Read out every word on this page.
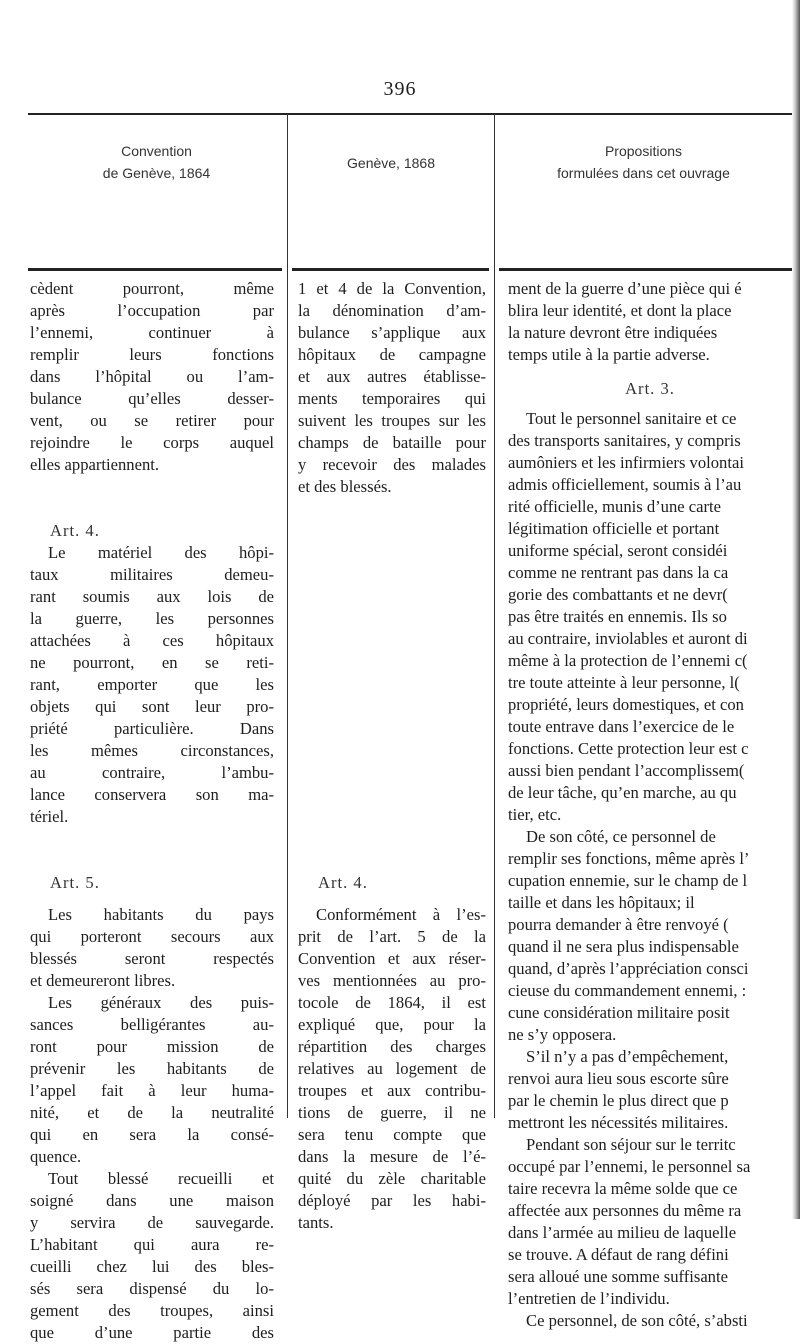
396
Convention
de Genève, 1864
Genève, 1868
Propositions
formulées dans cet ouvrage

cèdent pourront, même
après l’occupation par
l’ennemi, continuer à
remplir leurs fonctions
dans l’hôpital ou l’am-
bulance qu’elles desser-
vent, ou se retirer pour
rejoindre le corps auquel
elles appartiennent.

Art. 4.

Le matériel des hôpi-
taux militaires demeu-
rant soumis aux lois de
la guerre, les personnes
attachées à ces hôpitaux
ne pourront, en se reti-
rant, emporter que les
objets qui sont leur pro-
priété particulière. Dans
les mêmes circonstances,
au contraire, l’ambu-
lance conservera son ma-
tériel.

Art. 5.

Les habitants du pays
qui porteront secours aux
blessés seront respectés
et demeureront libres.

Les généraux des puis-
sances belligérantes au-
ront pour mission de
prévenir les habitants de
l’appel fait à leur huma-
nité, et de la neutralité
qui en sera la consé-
quence.

Tout blessé recueilli et
soigné dans une maison
y servira de sauvegarde.
L’habitant qui aura re-
cueilli chez lui des bles-
sés sera dispensé du lo-
gement des troupes, ainsi
que d’une partie des

1 et 4 de la Convention,
la dénomination d’am-
bulance s’applique aux
hôpitaux de campagne
et aux autres établisse-
ments temporaires qui
suivent les troupes sur les
champs de bataille pour
y recevoir des malades
et des blessés.

Art. 4.

Conformément à l’es-
prit de l’art. 5 de la
Convention et aux réser-
ves mentionnées au pro-
tocole de 1864, il est
expliqué que, pour la
répartition des charges
relatives au logement de
troupes et aux contribu-
tions de guerre, il ne
sera tenu compte que
dans la mesure de l’é-
quité du zèle charitable
déployé par les habi-
tants.

ment de la guerre d’une pièce qui é
blira leur identité, et dont la place
la nature devront être indiquées
temps utile à la partie adverse.

Art. 3.

Tout le personnel sanitaire et ce
des transports sanitaires, y compris
aumôniers et les infirmiers volontai
admis officiellement, soumis à l’au
rité officielle, munis d’une carte
légitimation officielle et portant
uniforme spécial, seront considéi
comme ne rentrant pas dans la ca
gorie des combattants et ne devr(
pas être traités en ennemis. Ils so
au contraire, inviolables et auront di
même à la protection de l’ennemi c(
tre toute atteinte à leur personne, l(
propriété, leurs domestiques, et con
toute entrave dans l’exercice de le
fonctions. Cette protection leur est c
aussi bien pendant l’accomplissem(
de leur tâche, qu’en marche, au qu
tier, etc.

De son côté, ce personnel de
remplir ses fonctions, même après l’
cupation ennemie, sur le champ de l
taille et dans les hôpitaux; il
pourra demander à être renvoyé (
quand il ne sera plus indispensable
quand, d’après l’appréciation consci
cieuse du commandement ennemi, :
cune considération militaire posit
ne s’y opposera.

S’il n’y a pas d’empêchement,
renvoi aura lieu sous escorte sûre
par le chemin le plus direct que p
mettront les nécessités militaires.

Pendant son séjour sur le territc
occupé par l’ennemi, le personnel sa
taire recevra la même solde que ce
affectée aux personnes du même ra
dans l’armée au milieu de laquelle
se trouve. A défaut de rang défini
sera alloué une somme suffisante
l’entretien de l’individu.

Ce personnel, de son côté, s’absti
